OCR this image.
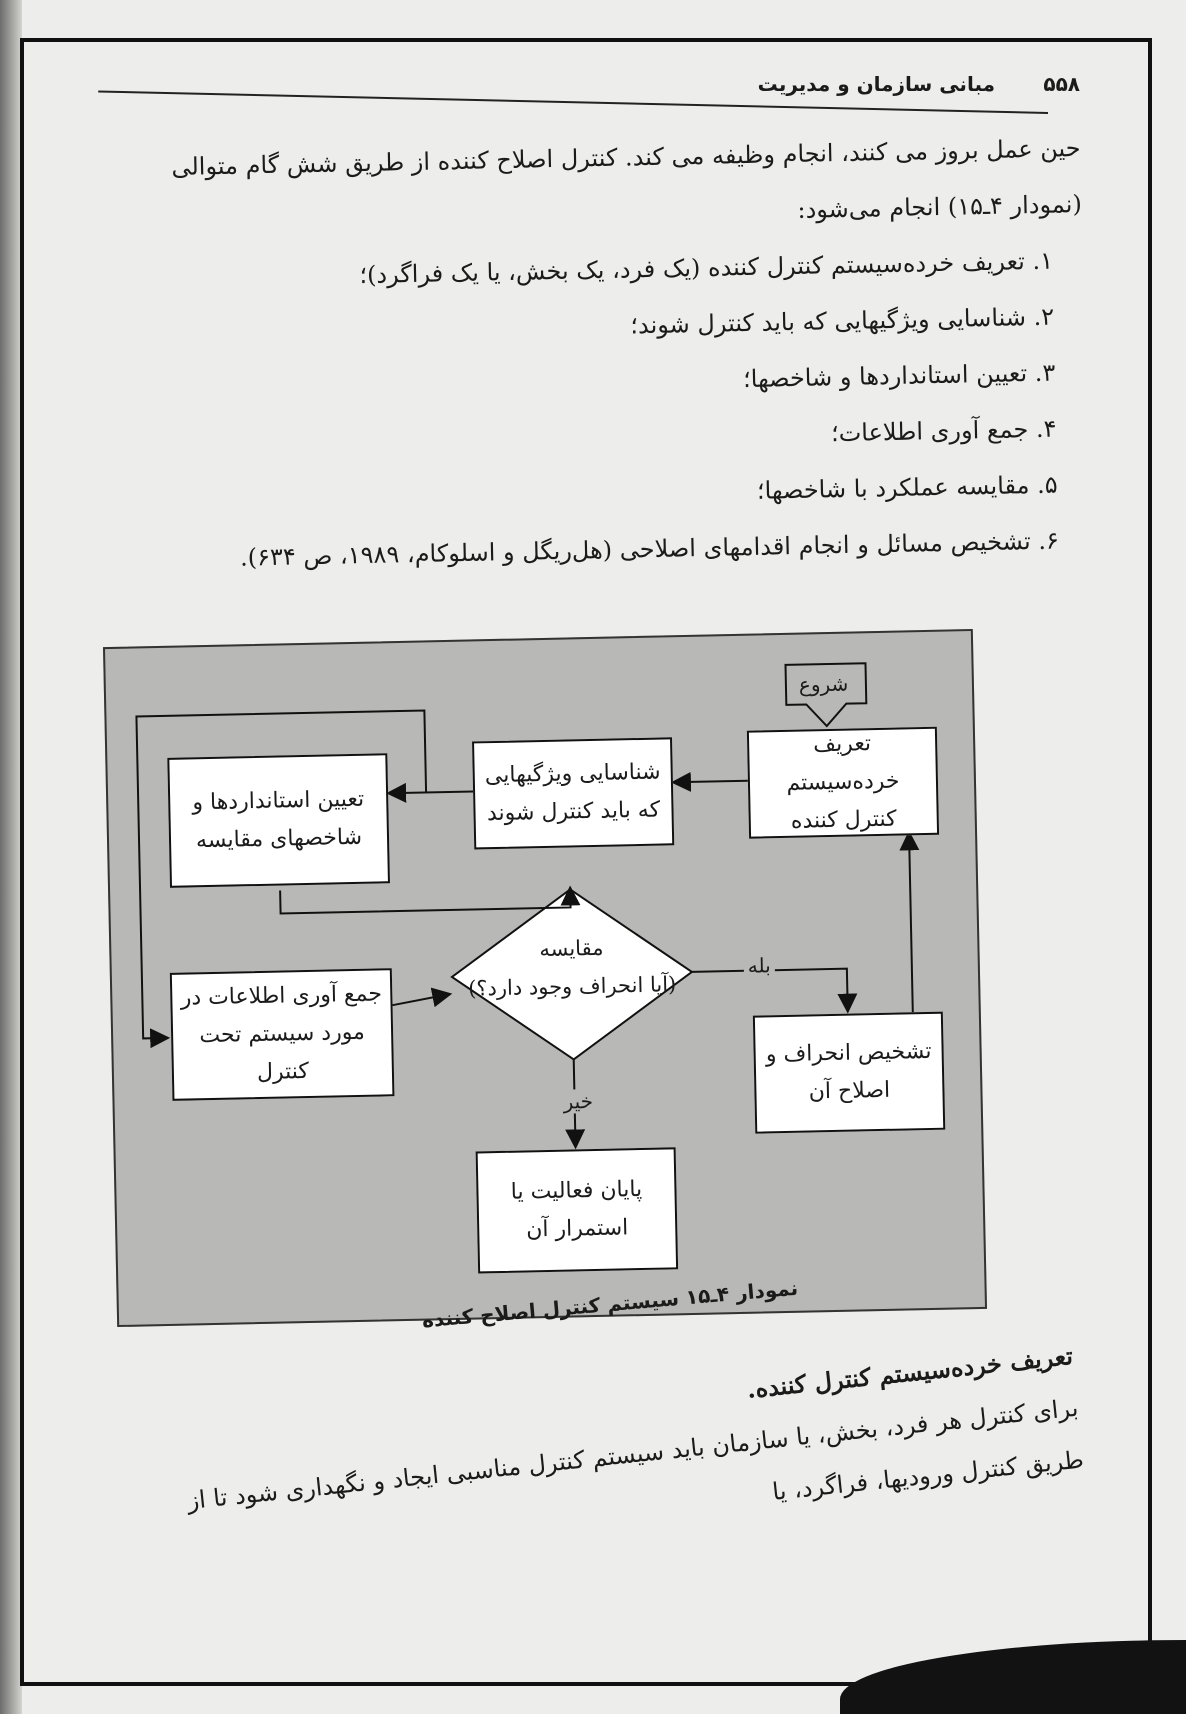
۵۵۸
مبانی سازمان و مدیریت

حین عمل بروز می کنند، انجام وظیفه می کند. کنترل اصلاح کننده از طریق شش گام متوالی (نمودار ۴ـ۱۵) انجام می‌شود:

۱. تعریف خرده‌سیستم کنترل کننده (یک فرد، یک بخش، یا یک فراگرد)؛
۲. شناسایی ویژگیهایی که باید کنترل شوند؛
۳. تعیین استانداردها و شاخصها؛
۴. جمع آوری اطلاعات؛
۵. مقایسه عملکرد با شاخصها؛
۶. تشخیص مسائل و انجام اقدامهای اصلاحی (هل‌ریگل و اسلوکام، ۱۹۸۹، ص ۶۳۴).
شروع
تعریف خرده‌سیستم کنترل کننده
شناسایی ویژگیهایی که باید کنترل شوند
تعیین استانداردها و شاخصهای مقایسه
جمع آوری اطلاعات در مورد سیستم تحت کنترل
مقایسه
(آیا انحراف وجود دارد؟)
بله
تشخیص انحراف و اصلاح آن
خیر
پایان فعالیت یا استمرار آن
نمودار ۴ـ۱۵ سیستم کنترل اصلاح کننده

تعریف خرده‌سیستم کنترل کننده.

برای کنترل هر فرد، بخش، یا سازمان باید سیستم کنترل مناسبی ایجاد و نگهداری شود تا از طریق کنترل ورودیها، فراگرد، یا
